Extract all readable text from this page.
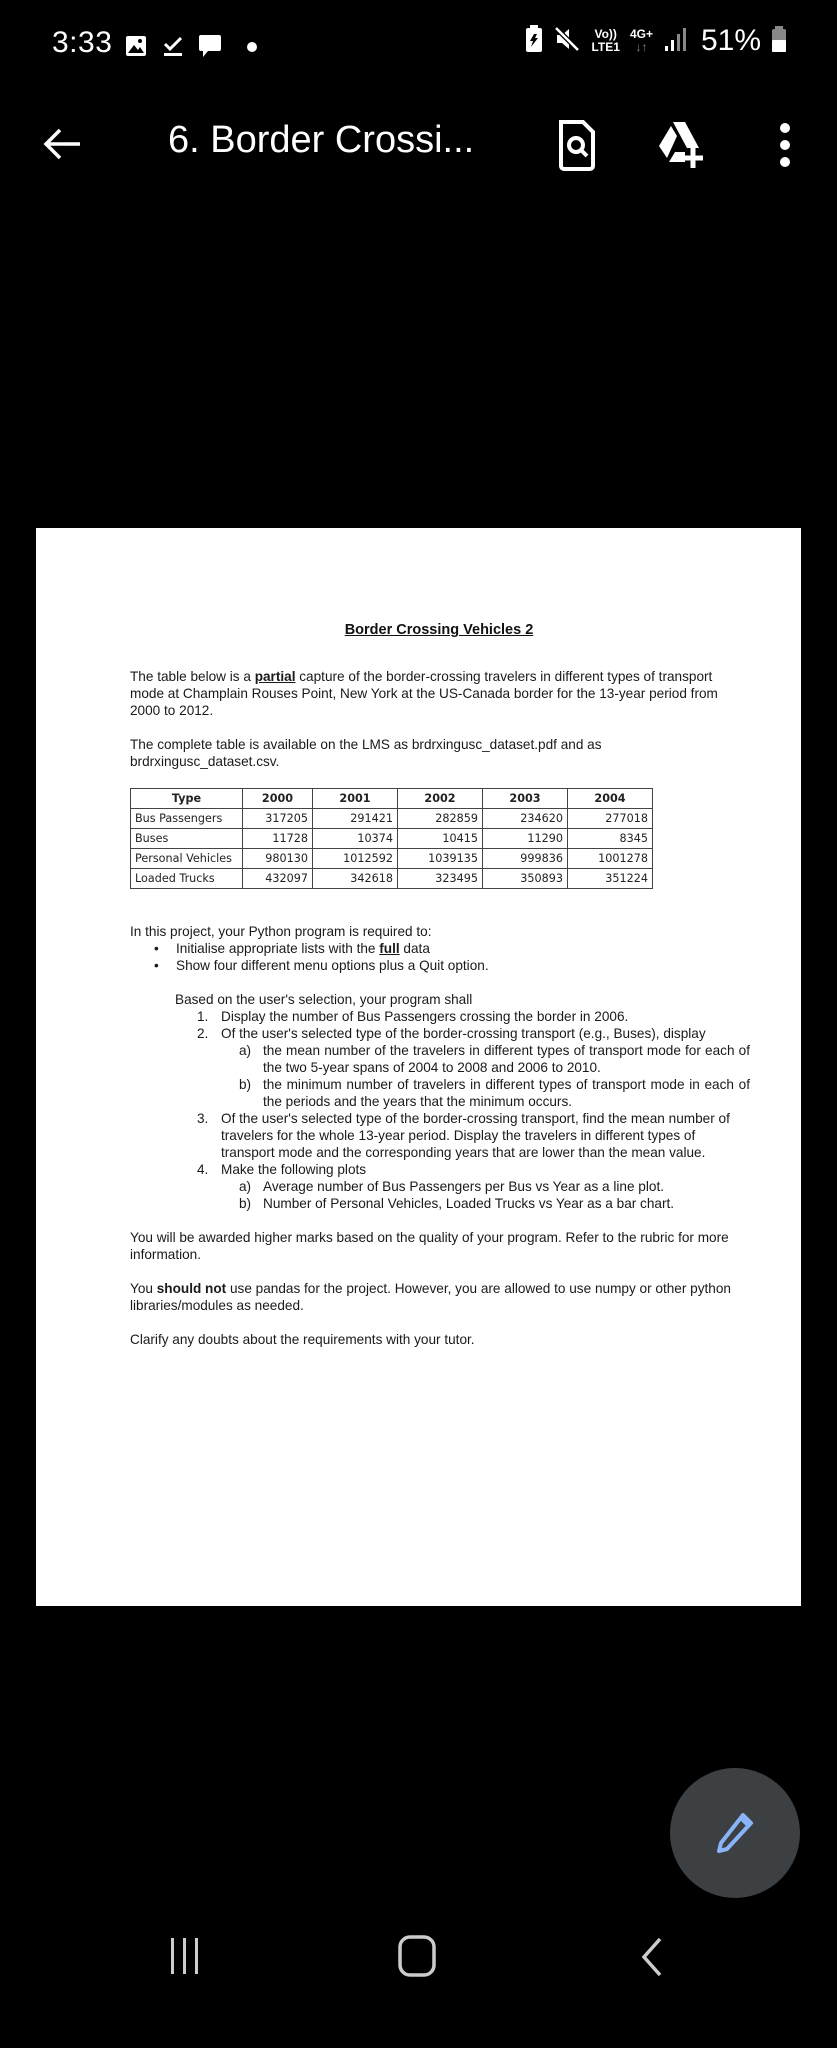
3:33	Vo))
LTE1
4G+
↓↑ 51%
6. Border Crossi...
Border Crossing Vehicles 2

The table below is a partial capture of the border-crossing travelers in different types of transport mode at Champlain Rouses Point, New York at the US-Canada border for the 13-year period from 2000 to 2012.

The complete table is available on the LMS as brdrxingusc_dataset.pdf and as brdrxingusc_dataset.csv.

Type	2000	2001	2002	2003	2004
Bus Passengers	317205	291421	282859	234620	277018
Buses	11728	10374	10415	11290	8345
Personal Vehicles	980130	1012592	1039135	999836	1001278
Loaded Trucks	432097	342618	323495	350893	351224

In this project, your Python program is required to:

• Initialise appropriate lists with the full data
• Show four different menu options plus a Quit option.
Based on the user's selection, your program shall
1. Display the number of Bus Passengers crossing the border in 2006.
2. Of the user's selected type of the border-crossing transport (e.g., Buses), display
a) the mean number of the travelers in different types of transport mode for each of the two 5-year spans of 2004 to 2008 and 2006 to 2010.
b) the minimum number of travelers in different types of transport mode in each of the periods and the years that the minimum occurs.
3. Of the user's selected type of the border-crossing transport, find the mean number of travelers for the whole 13-year period. Display the travelers in different types of transport mode and the corresponding years that are lower than the mean value.
4. Make the following plots
a) Average number of Bus Passengers per Bus vs Year as a line plot.
b) Number of Personal Vehicles, Loaded Trucks vs Year as a bar chart.

You will be awarded higher marks based on the quality of your program. Refer to the rubric for more information.

You should not use pandas for the project. However, you are allowed to use numpy or other python libraries/modules as needed.

Clarify any doubts about the requirements with your tutor.
